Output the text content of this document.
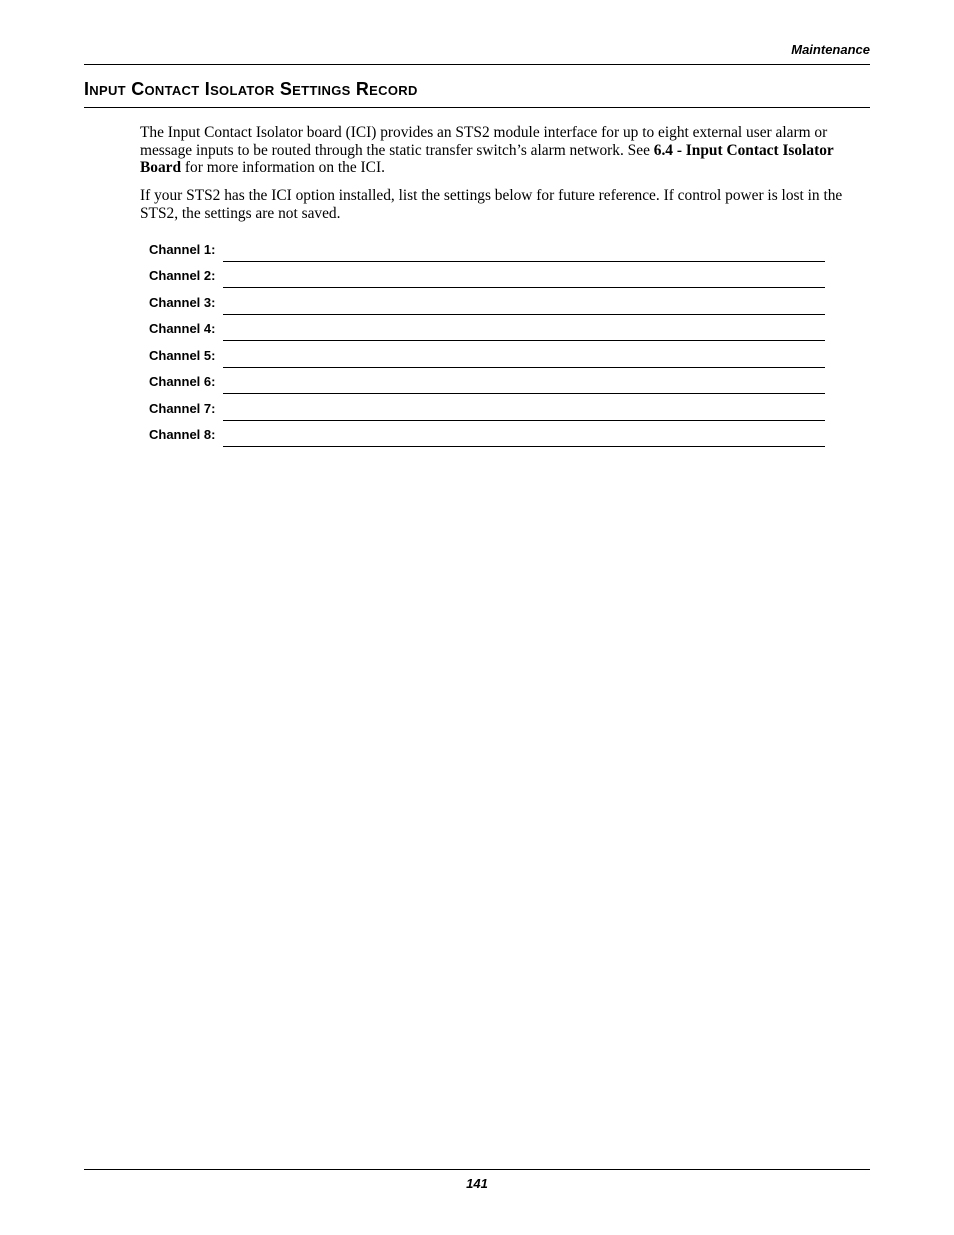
Maintenance
Input Contact Isolator Settings Record

The Input Contact Isolator board (ICI) provides an STS2 module interface for up to eight external user alarm or message inputs to be routed through the static transfer switch’s alarm network. See 6.4 - Input Contact Isolator Board for more information on the ICI.

If your STS2 has the ICI option installed, list the settings below for future reference. If control power is lost in the STS2, the settings are not saved.

Channel 1:
Channel 2:
Channel 3:
Channel 4:
Channel 5:
Channel 6:
Channel 7:
Channel 8:
141
